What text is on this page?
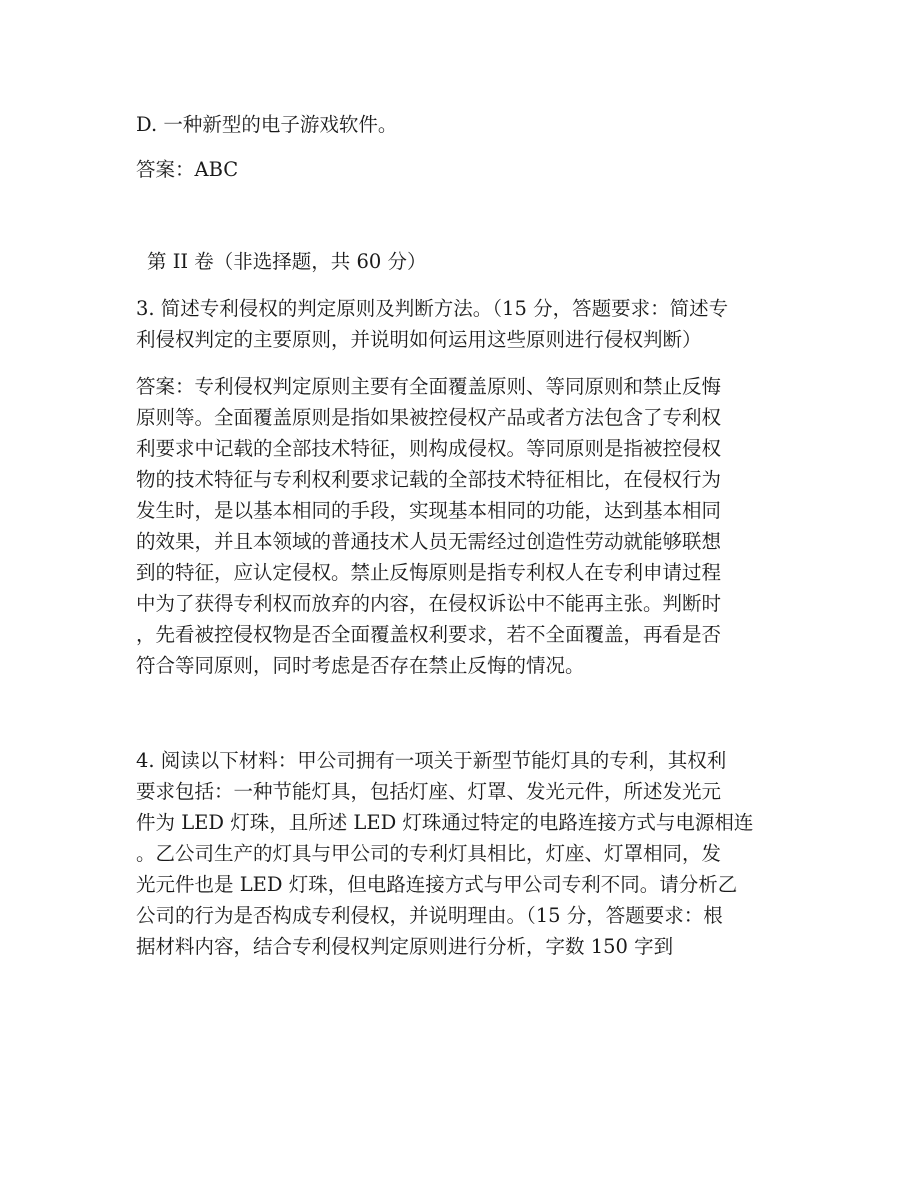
D. 一种新型的电子游戏软件。
答案：ABC
第 II 卷（非选择题，共 60 分）
3. 简述专利侵权的判定原则及判断方法。（15 分，答题要求：简述专
利侵权判定的主要原则，并说明如何运用这些原则进行侵权判断）
答案：专利侵权判定原则主要有全面覆盖原则、等同原则和禁止反悔
原则等。全面覆盖原则是指如果被控侵权产品或者方法包含了专利权
利要求中记载的全部技术特征，则构成侵权。等同原则是指被控侵权
物的技术特征与专利权利要求记载的全部技术特征相比，在侵权行为
发生时，是以基本相同的手段，实现基本相同的功能，达到基本相同
的效果，并且本领域的普通技术人员无需经过创造性劳动就能够联想
到的特征，应认定侵权。禁止反悔原则是指专利权人在专利申请过程
中为了获得专利权而放弃的内容，在侵权诉讼中不能再主张。判断时
，先看被控侵权物是否全面覆盖权利要求，若不全面覆盖，再看是否
符合等同原则，同时考虑是否存在禁止反悔的情况。
4. 阅读以下材料：甲公司拥有一项关于新型节能灯具的专利，其权利
要求包括：一种节能灯具，包括灯座、灯罩、发光元件，所述发光元
件为 LED 灯珠，且所述 LED 灯珠通过特定的电路连接方式与电源相连
。乙公司生产的灯具与甲公司的专利灯具相比，灯座、灯罩相同，发
光元件也是 LED 灯珠，但电路连接方式与甲公司专利不同。请分析乙
公司的行为是否构成专利侵权，并说明理由。（15 分，答题要求：根
据材料内容，结合专利侵权判定原则进行分析，字数 150 字到
